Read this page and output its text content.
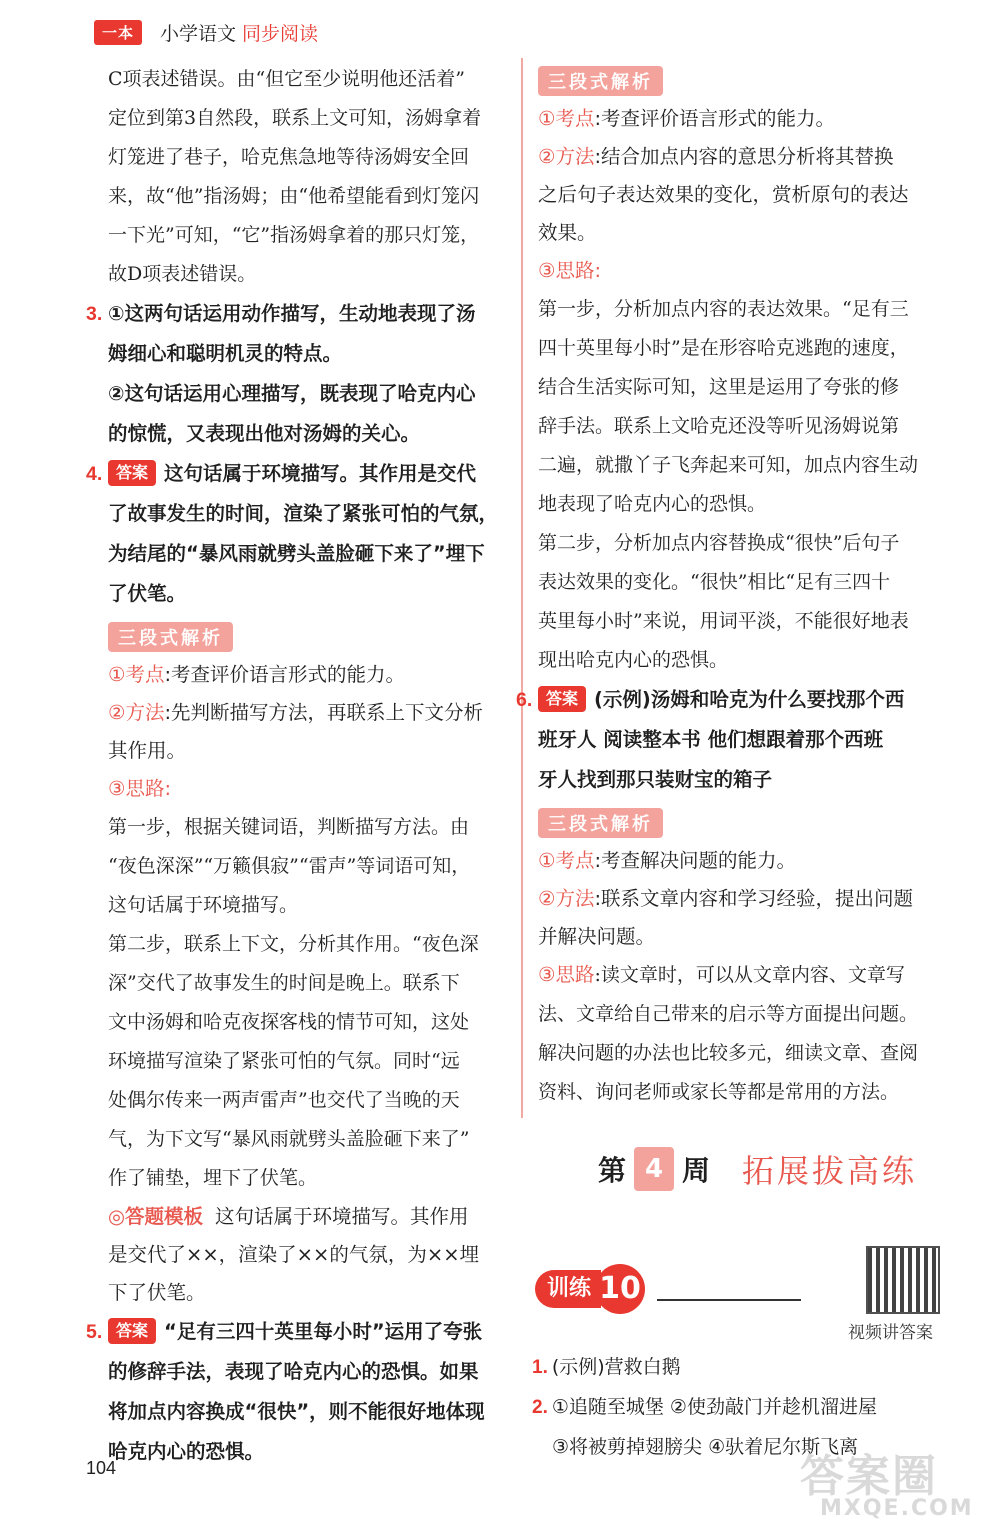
一本	小学语文 同步阅读

C项表述错误。由“但它至少说明他还活着”

定位到第3自然段，联系上文可知，汤姆拿着

灯笼进了巷子，哈克焦急地等待汤姆安全回

来，故“他”指汤姆；由“他希望能看到灯笼闪

一下光”可知，“它”指汤姆拿着的那只灯笼，

故D项表述错误。

3. ①这两句话运用动作描写，生动地表现了汤

姆细心和聪明机灵的特点。

②这句话运用心理描写，既表现了哈克内心

的惊慌，又表现出他对汤姆的关心。

4. 答案 这句话属于环境描写。其作用是交代

了故事发生的时间，渲染了紧张可怕的气氛，

为结尾的“暴风雨就劈头盖脸砸下来了”埋下

了伏笔。

三段式解析

①考点:考查评价语言形式的能力。

②方法:先判断描写方法，再联系上下文分析

其作用。

③思路:

第一步，根据关键词语，判断描写方法。由

“夜色深深”“万籁俱寂”“雷声”等词语可知，

这句话属于环境描写。

第二步，联系上下文，分析其作用。“夜色深

深”交代了故事发生的时间是晚上。联系下

文中汤姆和哈克夜探客栈的情节可知，这处

环境描写渲染了紧张可怕的气氛。同时“远

处偶尔传来一两声雷声”也交代了当晚的天

气，为下文写“暴风雨就劈头盖脸砸下来了”

作了铺垫，埋下了伏笔。

◎答题模板 这句话属于环境描写。其作用

是交代了××，渲染了××的气氛，为××埋

下了伏笔。

5. 答案 “足有三四十英里每小时”运用了夸张

的修辞手法，表现了哈克内心的恐惧。如果

将加点内容换成“很快”，则不能很好地体现

哈克内心的恐惧。

三段式解析

①考点:考查评价语言形式的能力。

②方法:结合加点内容的意思分析将其替换

之后句子表达效果的变化，赏析原句的表达

效果。

③思路:

第一步，分析加点内容的表达效果。“足有三

四十英里每小时”是在形容哈克逃跑的速度，

结合生活实际可知，这里是运用了夸张的修

辞手法。联系上文哈克还没等听见汤姆说第

二遍，就撒丫子飞奔起来可知，加点内容生动

地表现了哈克内心的恐惧。

第二步，分析加点内容替换成“很快”后句子

表达效果的变化。“很快”相比“足有三四十

英里每小时”来说，用词平淡，不能很好地表

现出哈克内心的恐惧。

6. 答案 (示例)汤姆和哈克为什么要找那个西

班牙人 阅读整本书 他们想跟着那个西班

牙人找到那只装财宝的箱子

三段式解析

①考点:考查解决问题的能力。

②方法:联系文章内容和学习经验，提出问题

并解决问题。

③思路:读文章时，可以从文章内容、文章写

法、文章给自己带来的启示等方面提出问题。

解决问题的办法也比较多元，细读文章、查阅

资料、询问老师或家长等都是常用的方法。

第 4 周 拓展拔高练
训练 10
视频讲答案
1. (示例)营救白鹅
2. ①追随至城堡 ②使劲敲门并趁机溜进屋
③将被剪掉翅膀尖 ④驮着尼尔斯飞离
104	答案圈
MXQE.COM
